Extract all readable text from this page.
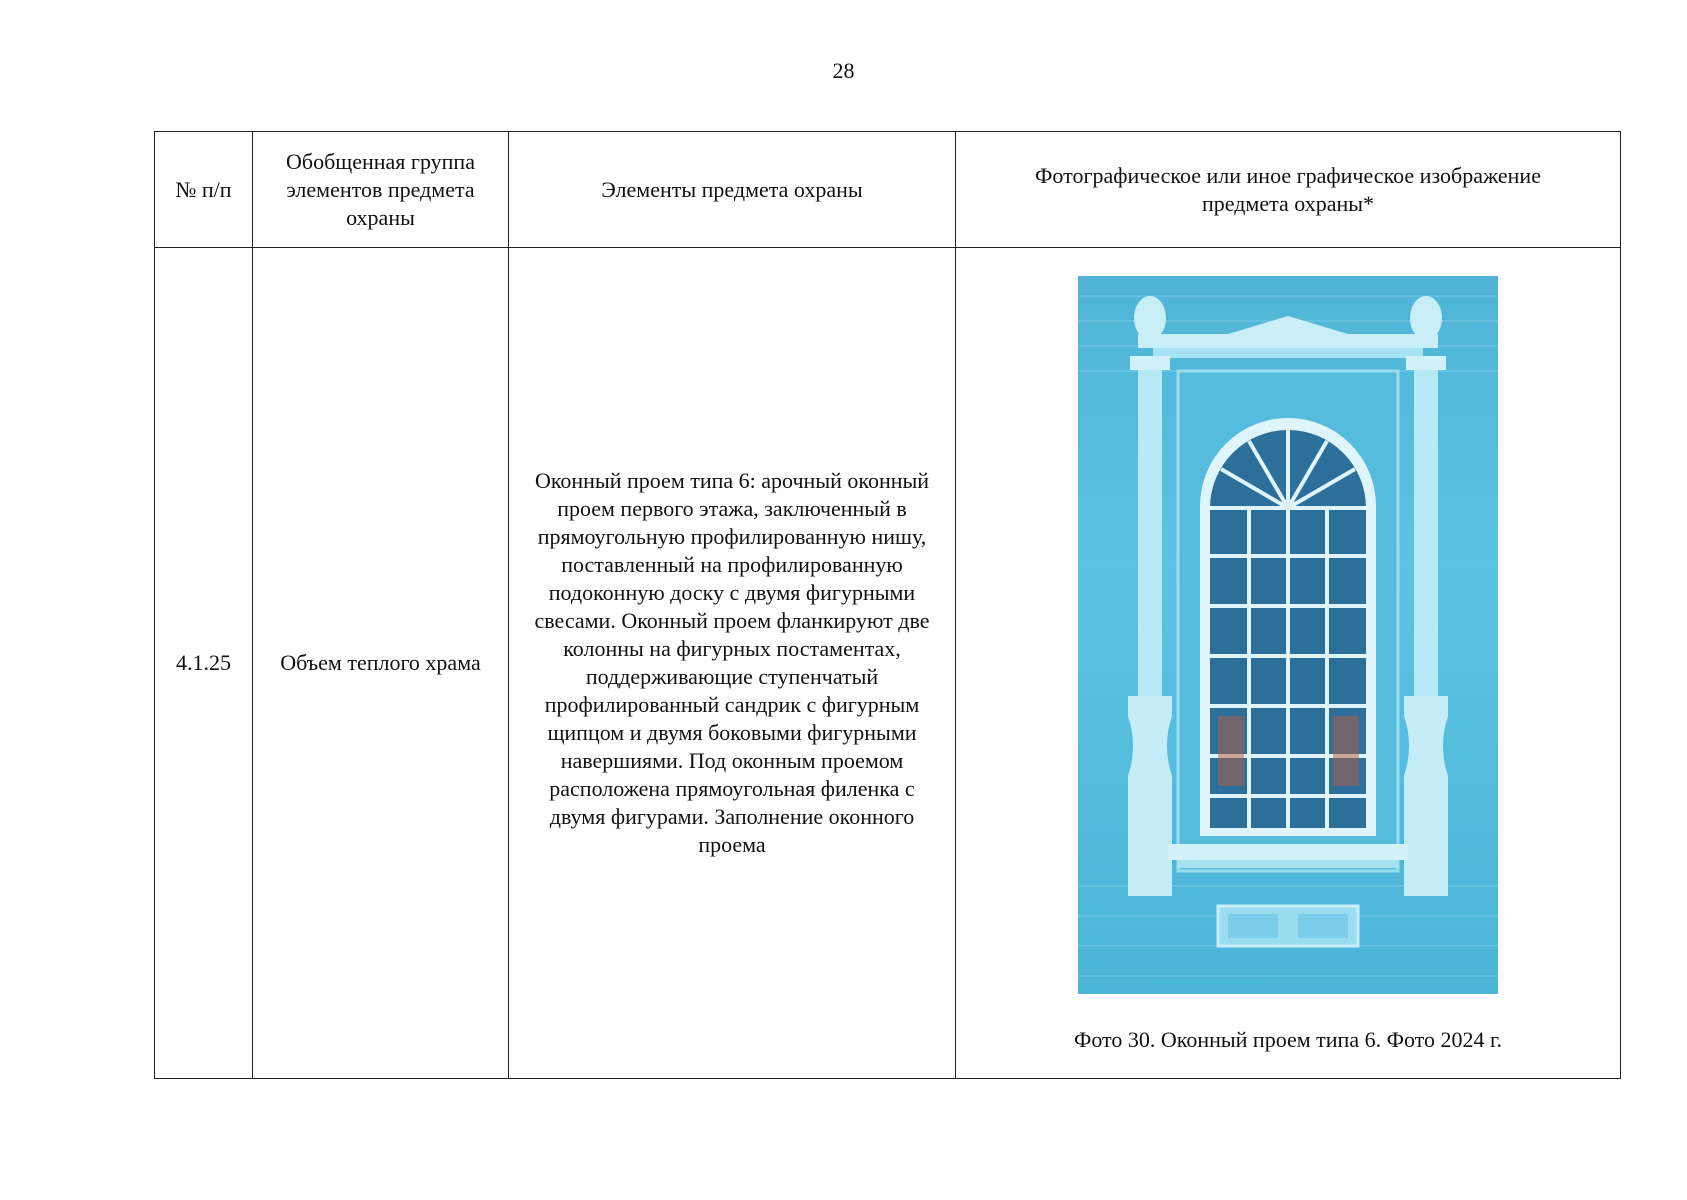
28
№ п/п	Обобщенная группа элементов предмета охраны	Элементы предмета охраны	Фотографическое или иное графическое изображение предмета охраны*
4.1.25	Объем теплого храма	Оконный проем типа 6: арочный оконный проем первого этажа, заключенный в прямоугольную профилированную нишу, поставленный на профилированную подоконную доску с двумя фигурными свесами. Оконный проем фланкируют две колонны на фигурных постаментах, поддерживающие ступенчатый профилированный сандрик с фигурным щипцом и двумя боковыми фигурными навершиями. Под оконным проемом расположена прямоугольная филенка с двумя фигурами. Заполнение оконного проема	Фото 30. Оконный проем типа 6. Фото 2024 г.
